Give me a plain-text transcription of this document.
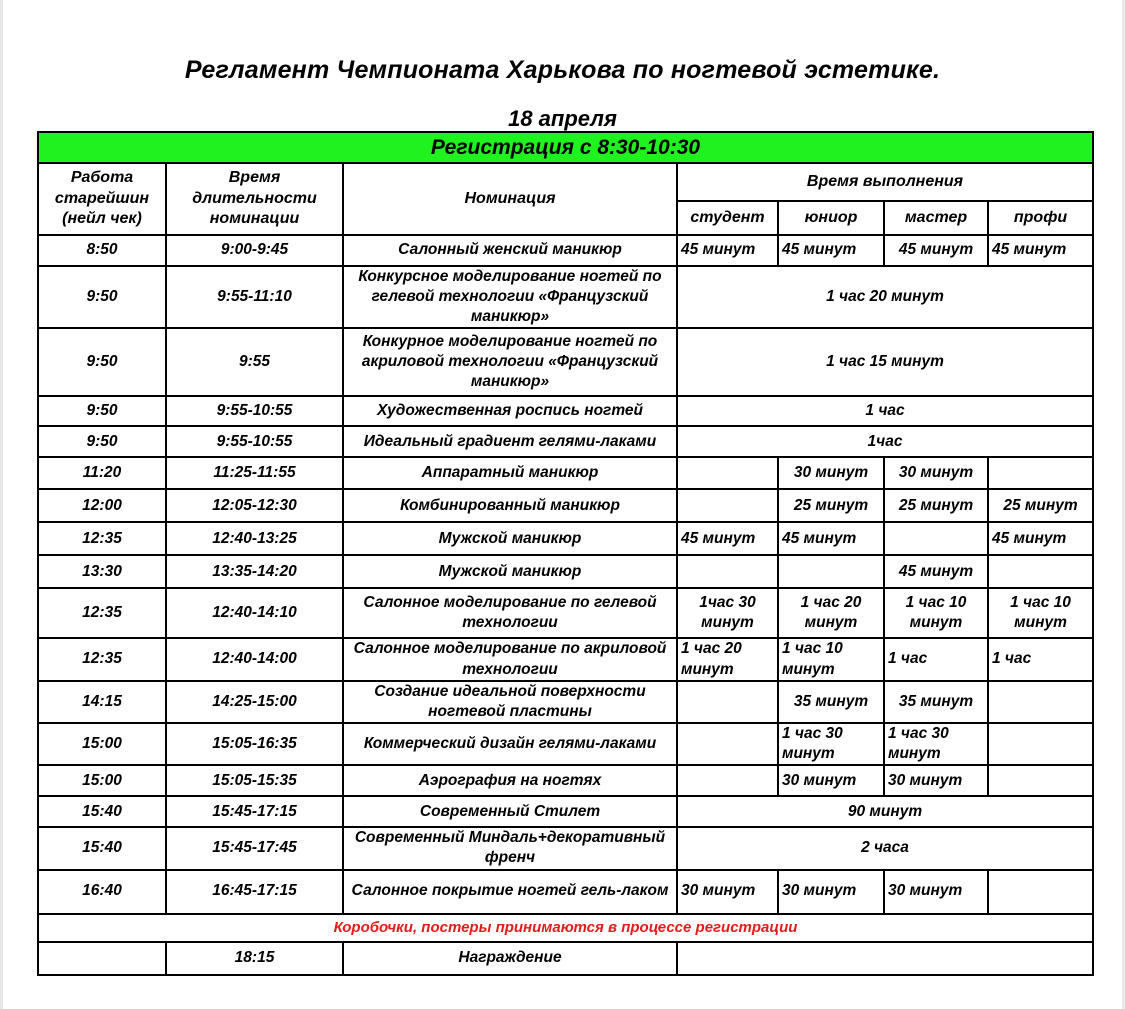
Регламент Чемпионата Харькова по ногтевой эстетике.
18 апреля
Регистрация с 8:30-10:30						
Работа старейшин (нейл чек)	Время длительности номинации	Номинация	Время выполнения			
			студент	юниор	мастер	профи
8:50	9:00-9:45	Салонный женский маникюр	45 минут	45 минут	45 минут	45 минут
9:50	9:55-11:10	Конкурсное моделирование ногтей по гелевой технологии «Французский маникюр»	1 час 20 минут			
9:50	9:55	Конкурное моделирование ногтей по акриловой технологии «Французский маникюр»	1 час 15 минут			
9:50	9:55-10:55	Художественная роспись ногтей	1 час			
9:50	9:55-10:55	Идеальный градиент гелями-лаками	1час			
11:20	11:25-11:55	Аппаратный маникюр		30 минут	30 минут	
12:00	12:05-12:30	Комбинированный маникюр		25 минут	25 минут	25 минут
12:35	12:40-13:25	Мужской маникюр	45 минут	45 минут		45 минут
13:30	13:35-14:20	Мужской маникюр			45 минут	
12:35	12:40-14:10	Салонное моделирование по гелевой технологии	1час 30 минут	1 час 20 минут	1 час 10 минут	1 час 10 минут
12:35	12:40-14:00	Салонное моделирование по акриловой технологии	1 час 20 минут	1 час 10 минут	1 час	1 час
14:15	14:25-15:00	Создание идеальной поверхности ногтевой пластины		35 минут	35 минут	
15:00	15:05-16:35	Коммерческий дизайн гелями-лаками		1 час 30 минут	1 час 30 минут	
15:00	15:05-15:35	Аэрография на ногтях		30 минут	30 минут	
15:40	15:45-17:15	Современный Стилет	90 минут			
15:40	15:45-17:45	Современный Миндаль+декоративный френч	2 часа			
16:40	16:45-17:15	Салонное покрытие ногтей гель-лаком	30 минут	30 минут	30 минут	
Коробочки, постеры принимаются в процессе регистрации						
	18:15	Награждение				
